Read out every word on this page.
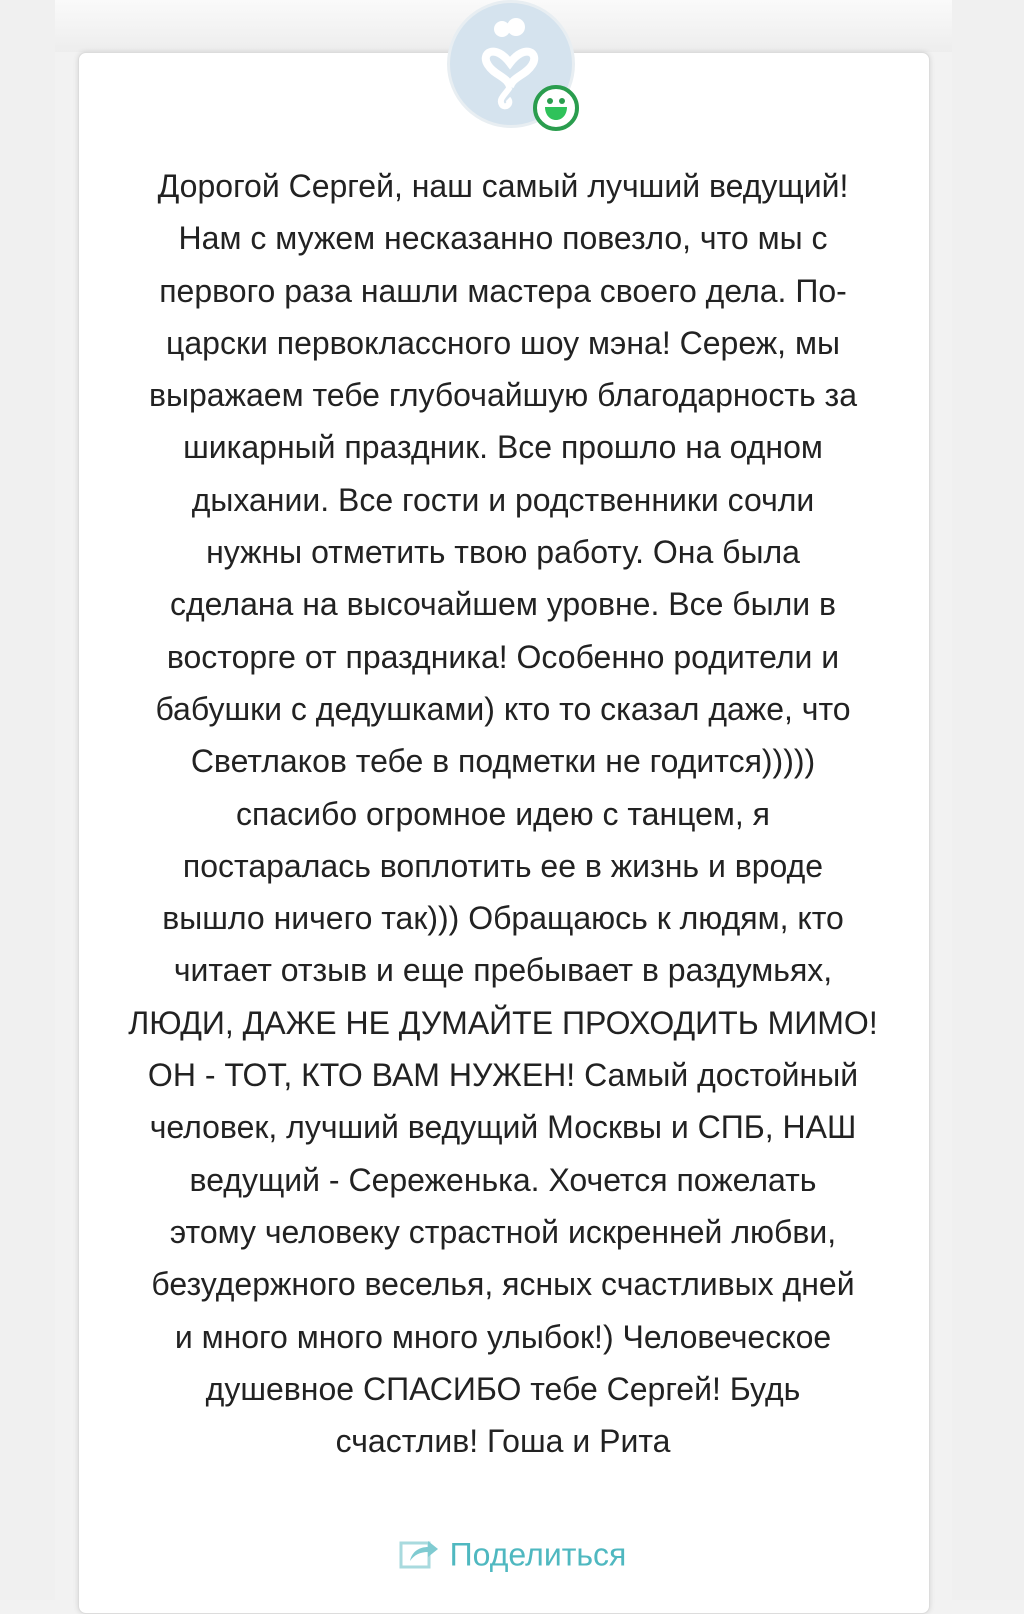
Дорогой Сергей, наш самый лучший ведущий!
Нам с мужем несказанно повезло, что мы с
первого раза нашли мастера своего дела. По-
царски первоклассного шоу мэна! Сереж, мы
выражаем тебе глубочайшую благодарность за
шикарный праздник. Все прошло на одном
дыхании. Все гости и родственники сочли
нужны отметить твою работу. Она была
сделана на высочайшем уровне. Все были в
восторге от праздника! Особенно родители и
бабушки с дедушками) кто то сказал даже, что
Светлаков тебе в подметки не годится)))))
спасибо огромное идею с танцем, я
постаралась воплотить ее в жизнь и вроде
вышло ничего так))) Обращаюсь к людям, кто
читает отзыв и еще пребывает в раздумьях,
ЛЮДИ, ДАЖЕ НЕ ДУМАЙТЕ ПРОХОДИТЬ МИМО!
ОН - ТОТ, КТО ВАМ НУЖЕН! Самый достойный
человек, лучший ведущий Москвы и СПБ, НАШ
ведущий - Сереженька. Хочется пожелать
этому человеку страстной искренней любви,
безудержного веселья, ясных счастливых дней
и много много много улыбок!) Человеческое
душевное СПАСИБО тебе Сергей! Будь
счастлив! Гоша и Рита
Поделиться
